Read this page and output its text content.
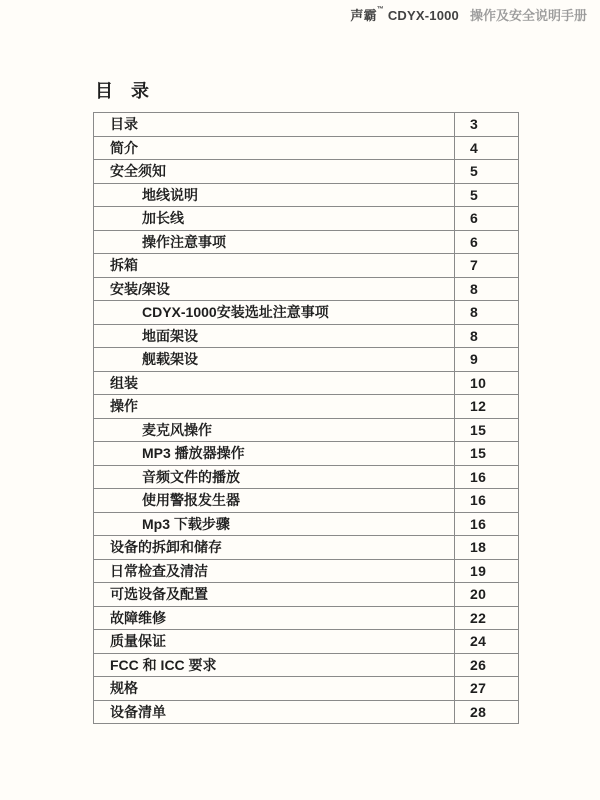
声霸™ CDYX-1000 操作及安全说明手册
目　录
目录	3
简介	4
安全须知	5
地线说明	5
加长线	6
操作注意事项	6
拆箱	7
安装/架设	8
CDYX-1000安装选址注意事项	8
地面架设	8
舰载架设	9
组装	10
操作	12
麦克风操作	15
MP3 播放器操作	15
音频文件的播放	16
使用警报发生器	16
Mp3 下载步骤	16
设备的拆卸和储存	18
日常检查及清洁	19
可选设备及配置	20
故障维修	22
质量保证	24
FCC 和 ICC 要求	26
规格	27
设备清单	28
